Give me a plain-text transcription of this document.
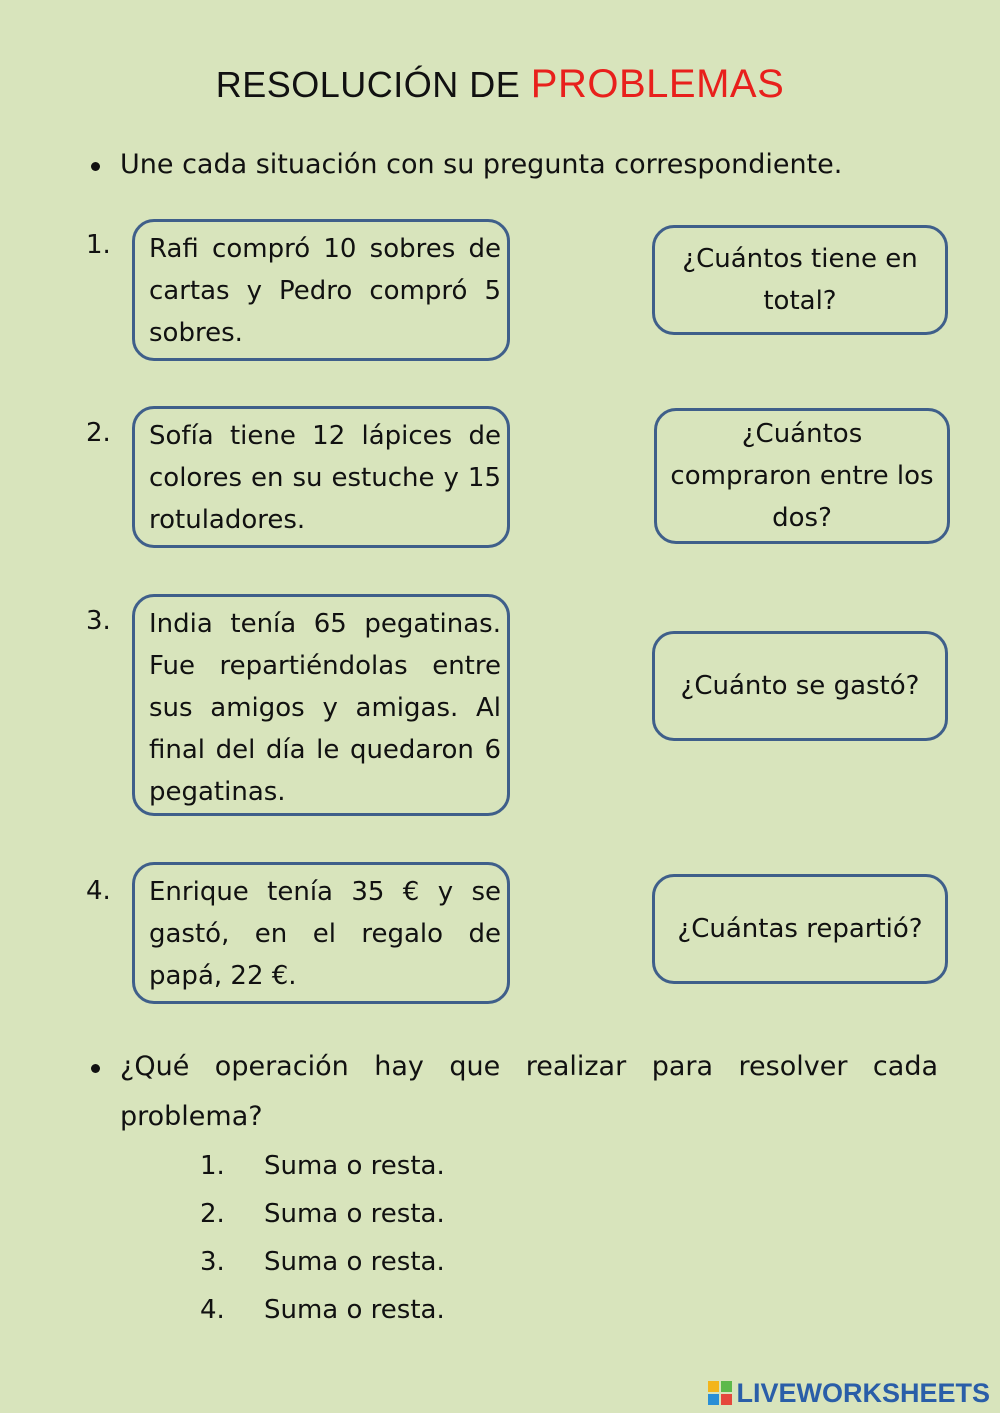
RESOLUCIÓN DE PROBLEMAS
Une cada situación con su pregunta correspondiente.
1.	Rafi compró 10 sobres de cartas y Pedro compró 5 sobres.
2.	Sofía tiene 12 lápices de colores en su estuche y 15 rotuladores.
3.	India tenía 65 pegatinas. Fue repartiéndolas entre sus amigos y amigas. Al final del día le quedaron 6 pegatinas.
4.	Enrique tenía 35 € y se gastó, en el regalo de papá, 22 €.
¿Cuántos tiene en total?
¿Cuántos compraron entre los dos?
¿Cuánto se gastó?
¿Cuántas repartió?
¿Qué operación hay que realizar para resolver cada problema?
1.	Suma o resta.
2.	Suma o resta.
3.	Suma o resta.
4.	Suma o resta.
LIVEWORKSHEETS
